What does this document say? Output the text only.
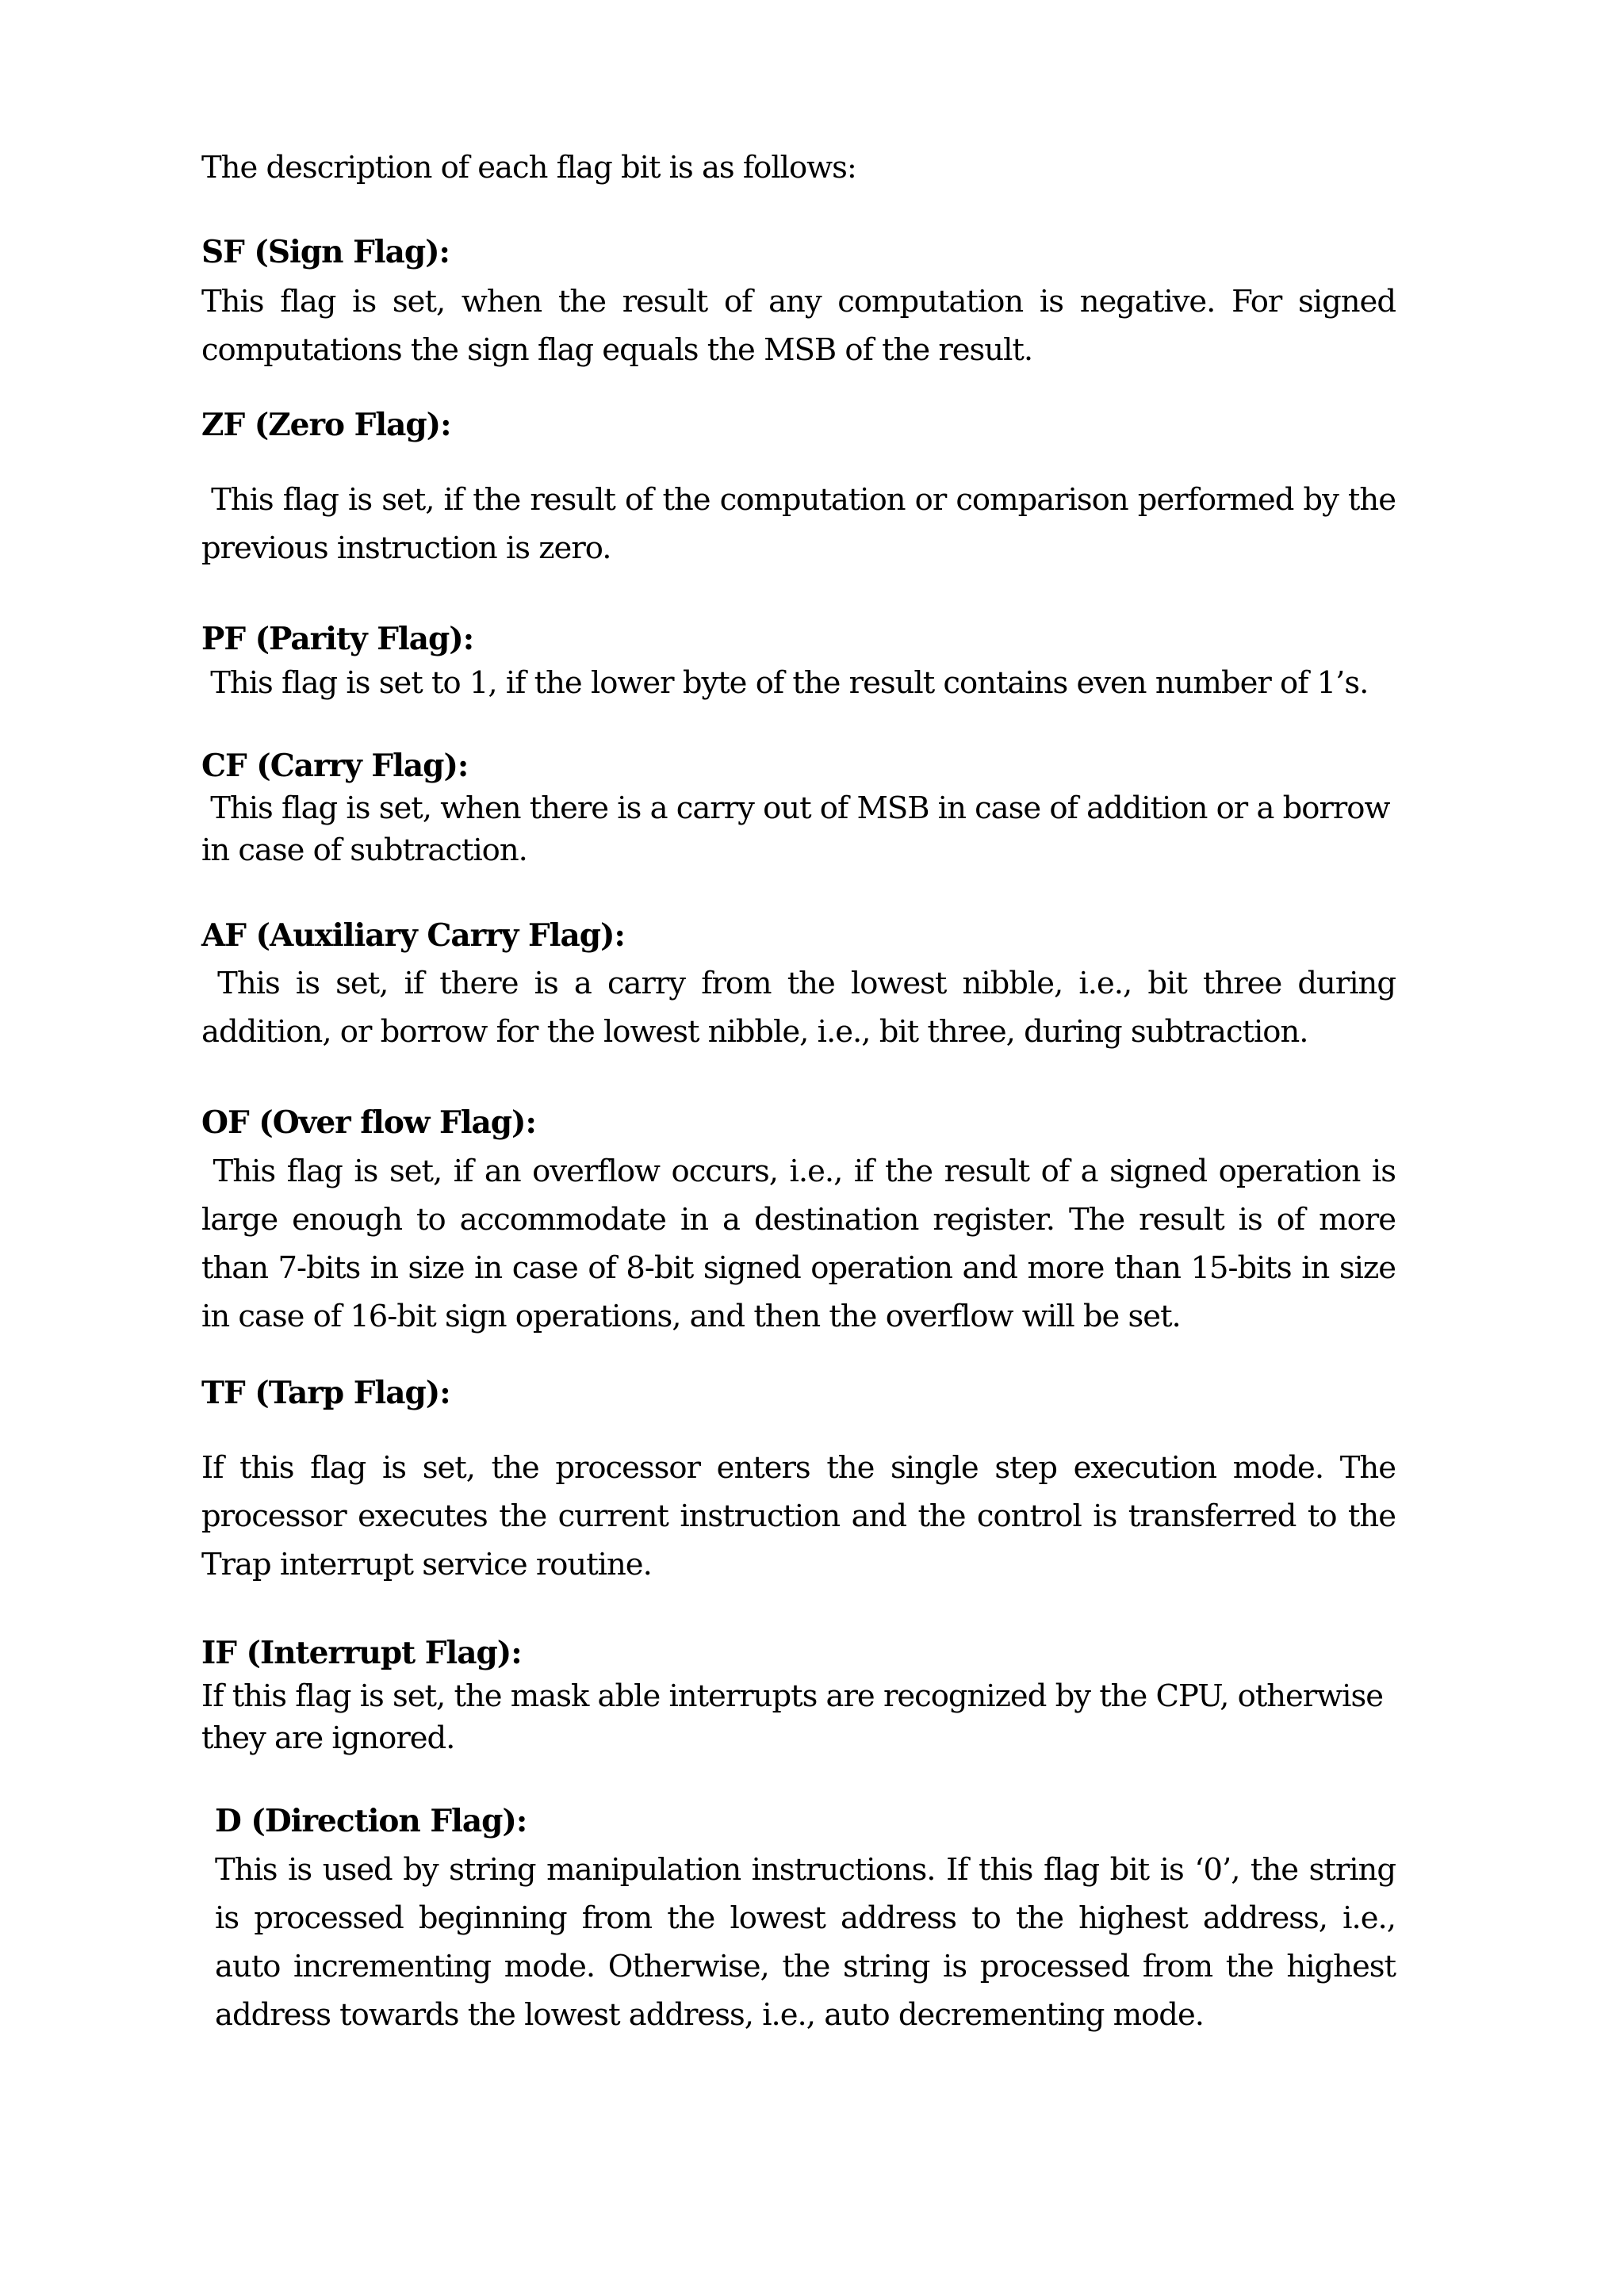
The description of each flag bit is as follows:

SF (Sign Flag):

This flag is set, when the result of any computation is negative. For signed computations the sign flag equals the MSB of the result.

ZF (Zero Flag):

This flag is set, if the result of the computation or comparison performed by the previous instruction is zero.

PF (Parity Flag):

This flag is set to 1, if the lower byte of the result contains even number of 1’s.

CF (Carry Flag):

This flag is set, when there is a carry out of MSB in case of addition or a borrow in case of subtraction.

AF (Auxiliary Carry Flag):

This is set, if there is a carry from the lowest nibble, i.e., bit three during addition, or borrow for the lowest nibble, i.e., bit three, during subtraction.

OF (Over flow Flag):

This flag is set, if an overflow occurs, i.e., if the result of a signed operation is large enough to accommodate in a destination register. The result is of more than 7-bits in size in case of 8-bit signed operation and more than 15-bits in size in case of 16-bit sign operations, and then the overflow will be set.

TF (Tarp Flag):

If this flag is set, the processor enters the single step execution mode. The processor executes the current instruction and the control is transferred to the Trap interrupt service routine.

IF (Interrupt Flag):

If this flag is set, the mask able interrupts are recognized by the CPU, otherwise they are ignored.

D (Direction Flag):

This is used by string manipulation instructions. If this flag bit is ‘0’, the string is processed beginning from the lowest address to the highest address, i.e., auto incrementing mode. Otherwise, the string is processed from the highest address towards the lowest address, i.e., auto decrementing mode.
